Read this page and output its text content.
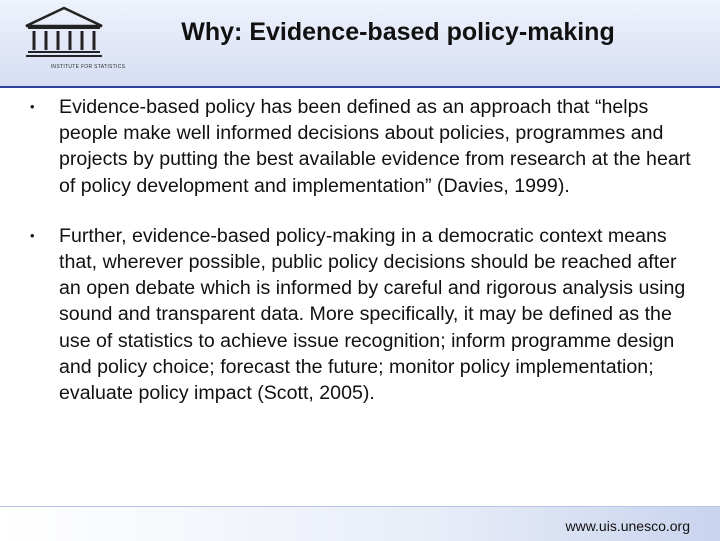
INSTITUTE FOR STATISTICS
Why: Evidence-based policy-making
• Evidence-based policy has been defined as an approach that “helps people make well informed decisions about policies, programmes and projects by putting the best available evidence from research at the heart of policy development and implementation” (Davies, 1999).
• Further, evidence-based policy-making in a democratic context means that, wherever possible, public policy decisions should be reached after an open debate which is informed by careful and rigorous analysis using sound and transparent data. More specifically, it may be defined as the use of statistics to achieve issue recognition; inform programme design and policy choice; forecast the future; monitor policy implementation; evaluate policy impact (Scott, 2005).
www.uis.unesco.org
